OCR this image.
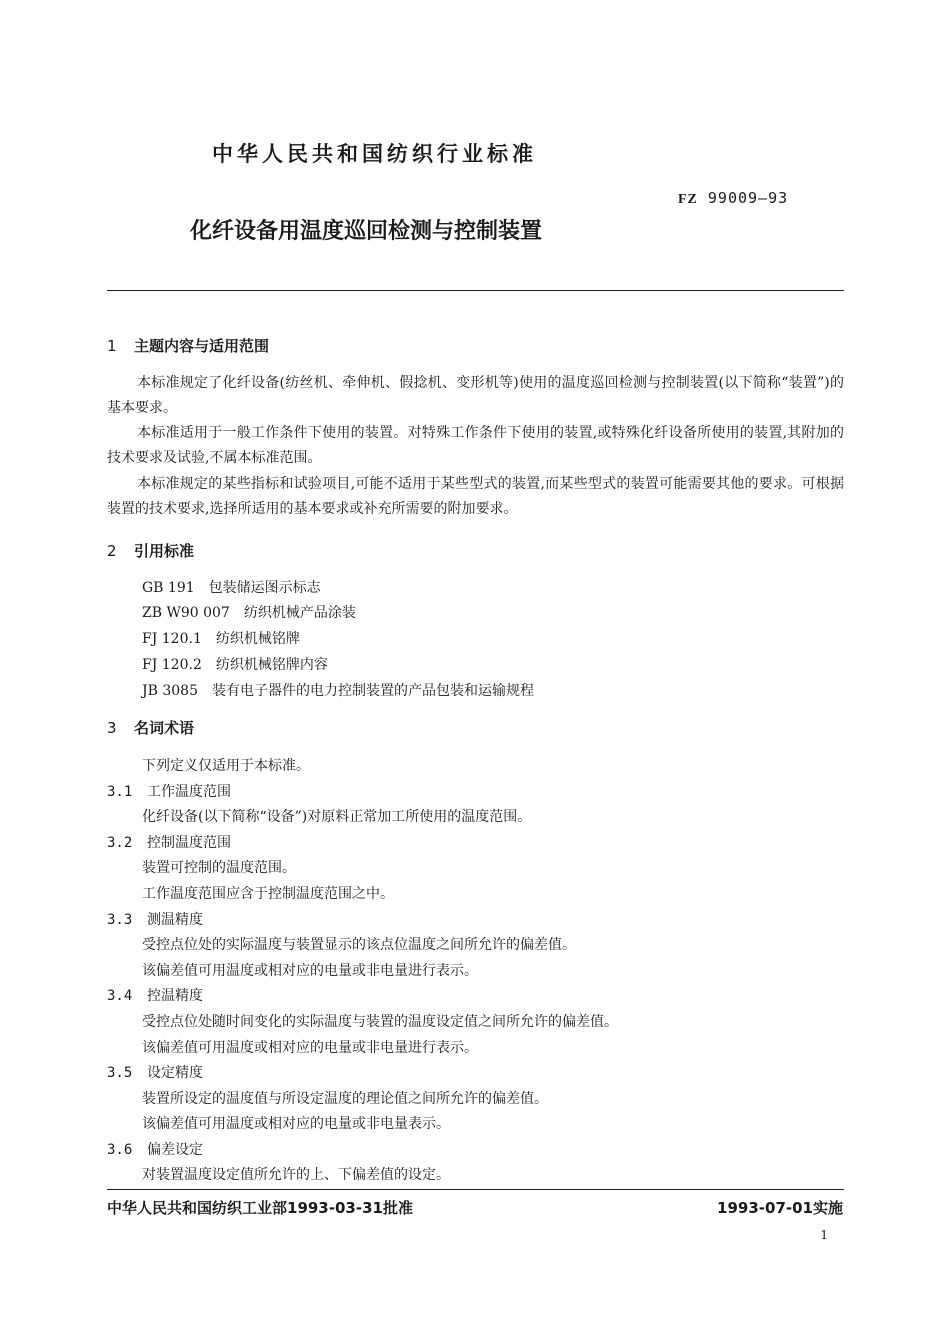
中华人民共和国纺织行业标准
FZ 99009—93
化纤设备用温度巡回检测与控制装置
1 主题内容与适用范围
本标准规定了化纤设备(纺丝机、牵伸机、假捻机、变形机等)使用的温度巡回检测与控制装置(以下简称“装置”)的基本要求。
本标准适用于一般工作条件下使用的装置。对特殊工作条件下使用的装置,或特殊化纤设备所使用的装置,其附加的技术要求及试验,不属本标准范围。
本标准规定的某些指标和试验项目,可能不适用于某些型式的装置,而某些型式的装置可能需要其他的要求。可根据装置的技术要求,选择所适用的基本要求或补充所需要的附加要求。
2 引用标准
GB 191 包装储运图示标志
ZB W90 007 纺织机械产品涂装
FJ 120.1 纺织机械铭牌
FJ 120.2 纺织机械铭牌内容
JB 3085 装有电子器件的电力控制装置的产品包装和运输规程
3 名词术语
下列定义仅适用于本标准。
3.1 工作温度范围
化纤设备(以下简称“设备”)对原料正常加工所使用的温度范围。
3.2 控制温度范围
装置可控制的温度范围。
工作温度范围应含于控制温度范围之中。
3.3 测温精度
受控点位处的实际温度与装置显示的该点位温度之间所允许的偏差值。
该偏差值可用温度或相对应的电量或非电量进行表示。
3.4 控温精度
受控点位处随时间变化的实际温度与装置的温度设定值之间所允许的偏差值。
该偏差值可用温度或相对应的电量或非电量进行表示。
3.5 设定精度
装置所设定的温度值与所设定温度的理论值之间所允许的偏差值。
该偏差值可用温度或相对应的电量或非电量表示。
3.6 偏差设定
对装置温度设定值所允许的上、下偏差值的设定。
中华人民共和国纺织工业部1993-03-31批准	1993-07-01实施
1
